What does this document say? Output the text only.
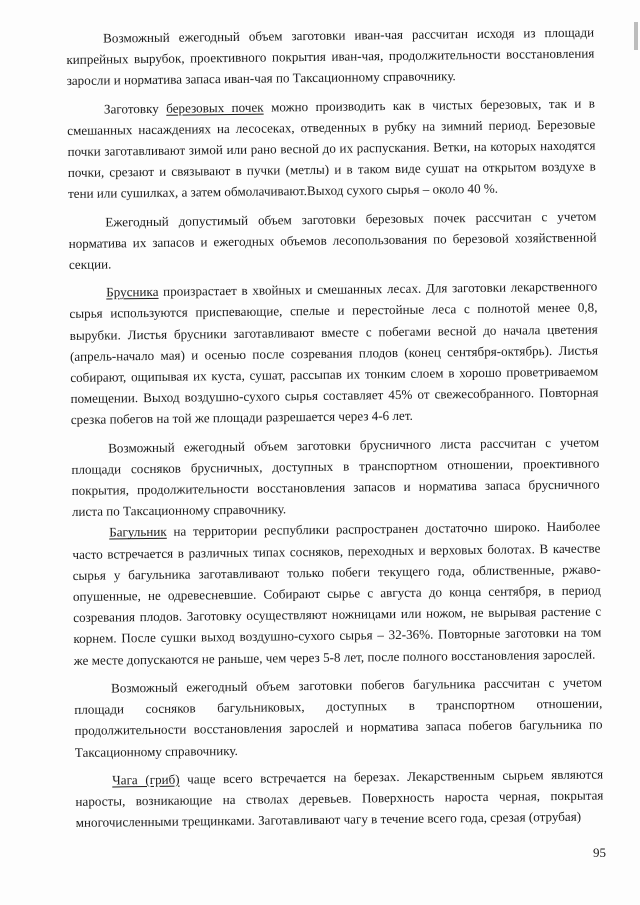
Возможный ежегодный объем заготовки иван-чая рассчитан исходя из площади кипрейных вырубок, проективного покрытия иван-чая, продолжительности восстановления заросли и норматива запаса иван-чая по Таксационному справочнику.

Заготовку березовых почек можно производить как в чистых березовых, так и в смешанных насаждениях на лесосеках, отведенных в рубку на зимний период. Березовые почки заготавливают зимой или рано весной до их распускания. Ветки, на которых находятся почки, срезают и связывают в пучки (метлы) и в таком виде сушат на открытом воздухе в тени или сушилках, а затем обмолачивают.Выход сухого сырья – около 40 %.

Ежегодный допустимый объем заготовки березовых почек рассчитан с учетом норматива их запасов и ежегодных объемов лесопользования по березовой хозяйственной секции.

Брусника произрастает в хвойных и смешанных лесах. Для заготовки лекарственного сырья используются приспевающие, спелые и перестойные леса с полнотой менее 0,8, вырубки. Листья брусники заготавливают вместе с побегами весной до начала цветения (апрель-начало мая) и осенью после созревания плодов (конец сентября-октябрь). Листья собирают, ощипывая их куста, сушат, рассыпав их тонким слоем в хорошо проветриваемом помещении. Выход воздушно-сухого сырья составляет 45% от свежесобранного. Повторная срезка побегов на той же площади разрешается через 4-6 лет.

Возможный ежегодный объем заготовки брусничного листа рассчитан с учетом площади сосняков брусничных, доступных в транспортном отношении, проективного покрытия, продолжительности восстановления запасов и норматива запаса брусничного листа по Таксационному справочнику.

Багульник на территории республики распространен достаточно широко. Наиболее часто встречается в различных типах сосняков, переходных и верховых болотах. В качестве сырья у багульника заготавливают только побеги текущего года, облиственные, ржаво-опушенные, не одревесневшие. Собирают сырье с августа до конца сентября, в период созревания плодов. Заготовку осуществляют ножницами или ножом, не вырывая растение с корнем. После сушки выход воздушно-сухого сырья – 32-36%. Повторные заготовки на том же месте допускаются не раньше, чем через 5-8 лет, после полного восстановления зарослей.

Возможный ежегодный объем заготовки побегов багульника рассчитан с учетом площади сосняков багульниковых, доступных в транспортном отношении, продолжительности восстановления зарослей и норматива запаса побегов багульника по Таксационному справочнику.

Чага (гриб) чаще всего встречается на березах. Лекарственным сырьем являются наросты, возникающие на стволах деревьев. Поверхность нароста черная, покрытая многочисленными трещинками. Заготавливают чагу в течение всего года, срезая (отрубая)

95
